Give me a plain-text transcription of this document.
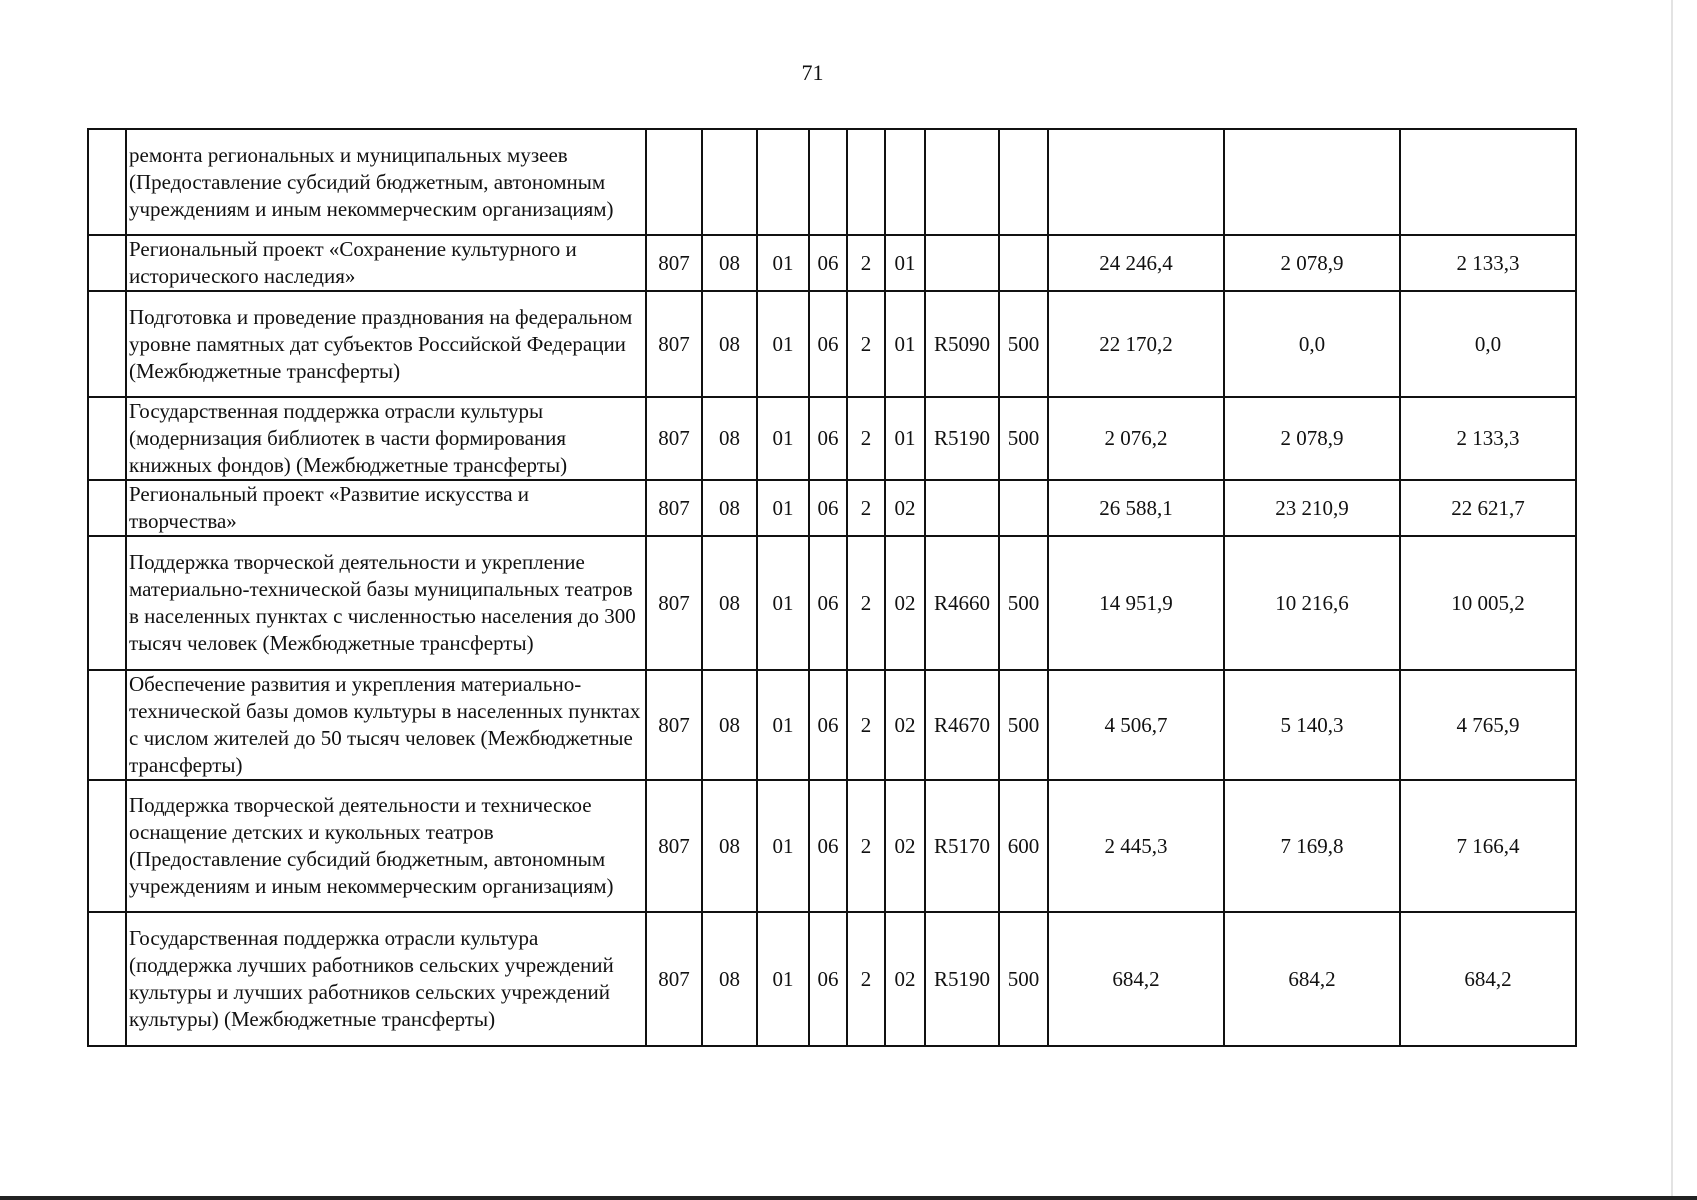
71
	ремонта региональных и муниципальных музеев (Предоставление субсидий бюджетным, автономным учреждениям и иным некоммерческим организациям)											
	Региональный проект «Сохранение культурного и исторического наследия»	807	08	01	06	2	01			24 246,4	2 078,9	2 133,3
	Подготовка и проведение празднования на федеральном уровне памятных дат субъектов Российской Федерации (Межбюджетные трансферты)	807	08	01	06	2	01	R5090	500	22 170,2	0,0	0,0
	Государственная поддержка отрасли культуры (модернизация библиотек в части формирования книжных фондов) (Межбюджетные трансферты)	807	08	01	06	2	01	R5190	500	2 076,2	2 078,9	2 133,3
	Региональный проект «Развитие искусства и творчества»	807	08	01	06	2	02			26 588,1	23 210,9	22 621,7
	Поддержка творческой деятельности и укрепление материально-технической базы муниципальных театров в населенных пунктах с численностью населения до 300 тысяч человек (Межбюджетные трансферты)	807	08	01	06	2	02	R4660	500	14 951,9	10 216,6	10 005,2
	Обеспечение развития и укрепления материально-технической базы домов культуры в населенных пунктах с числом жителей до 50 тысяч человек (Межбюджетные трансферты)	807	08	01	06	2	02	R4670	500	4 506,7	5 140,3	4 765,9
	Поддержка творческой деятельности и техническое оснащение детских и кукольных театров (Предоставление субсидий бюджетным, автономным учреждениям и иным некоммерческим организациям)	807	08	01	06	2	02	R5170	600	2 445,3	7 169,8	7 166,4
	Государственная поддержка отрасли культура (поддержка лучших работников сельских учреждений культуры и лучших работников сельских учреждений культуры) (Межбюджетные трансферты)	807	08	01	06	2	02	R5190	500	684,2	684,2	684,2
